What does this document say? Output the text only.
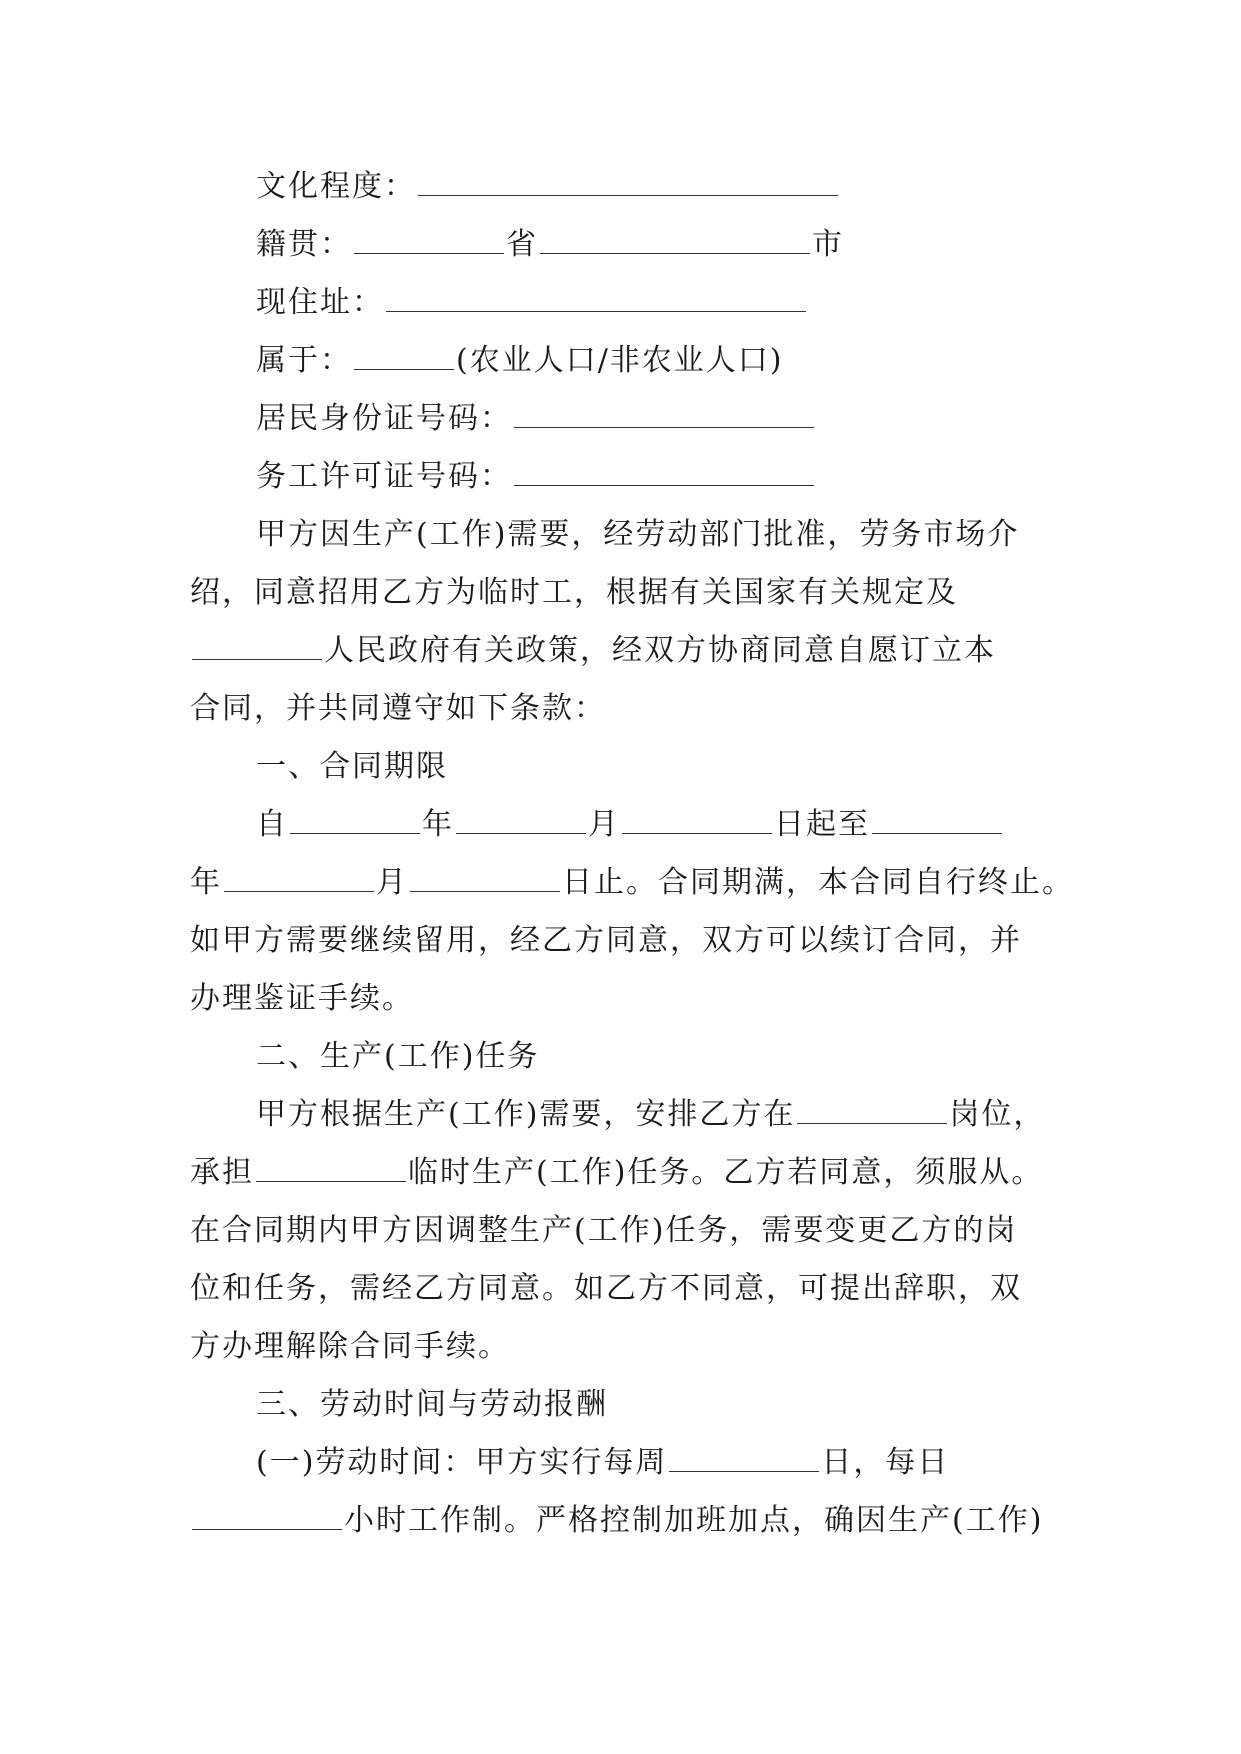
文化程度：
籍贯：	省	市
现住址：
属于：	(农业人口/非农业人口)
居民身份证号码：
务工许可证号码：
甲方因生产(工作)需要，经劳动部门批准，劳务市场介
绍，同意招用乙方为临时工，根据有关国家有关规定及
人民政府有关政策，经双方协商同意自愿订立本
合同，并共同遵守如下条款：
一、合同期限
自	年	月	日起至
年	月	日止。合同期满，本合同自行终止。
如甲方需要继续留用，经乙方同意，双方可以续订合同，并
办理鉴证手续。
二、生产(工作)任务
甲方根据生产(工作)需要，安排乙方在	岗位，
承担	临时生产(工作)任务。乙方若同意，须服从。
在合同期内甲方因调整生产(工作)任务，需要变更乙方的岗
位和任务，需经乙方同意。如乙方不同意，可提出辞职，双
方办理解除合同手续。
三、劳动时间与劳动报酬
(一)劳动时间：甲方实行每周	日，每日
小时工作制。严格控制加班加点，确因生产(工作)
